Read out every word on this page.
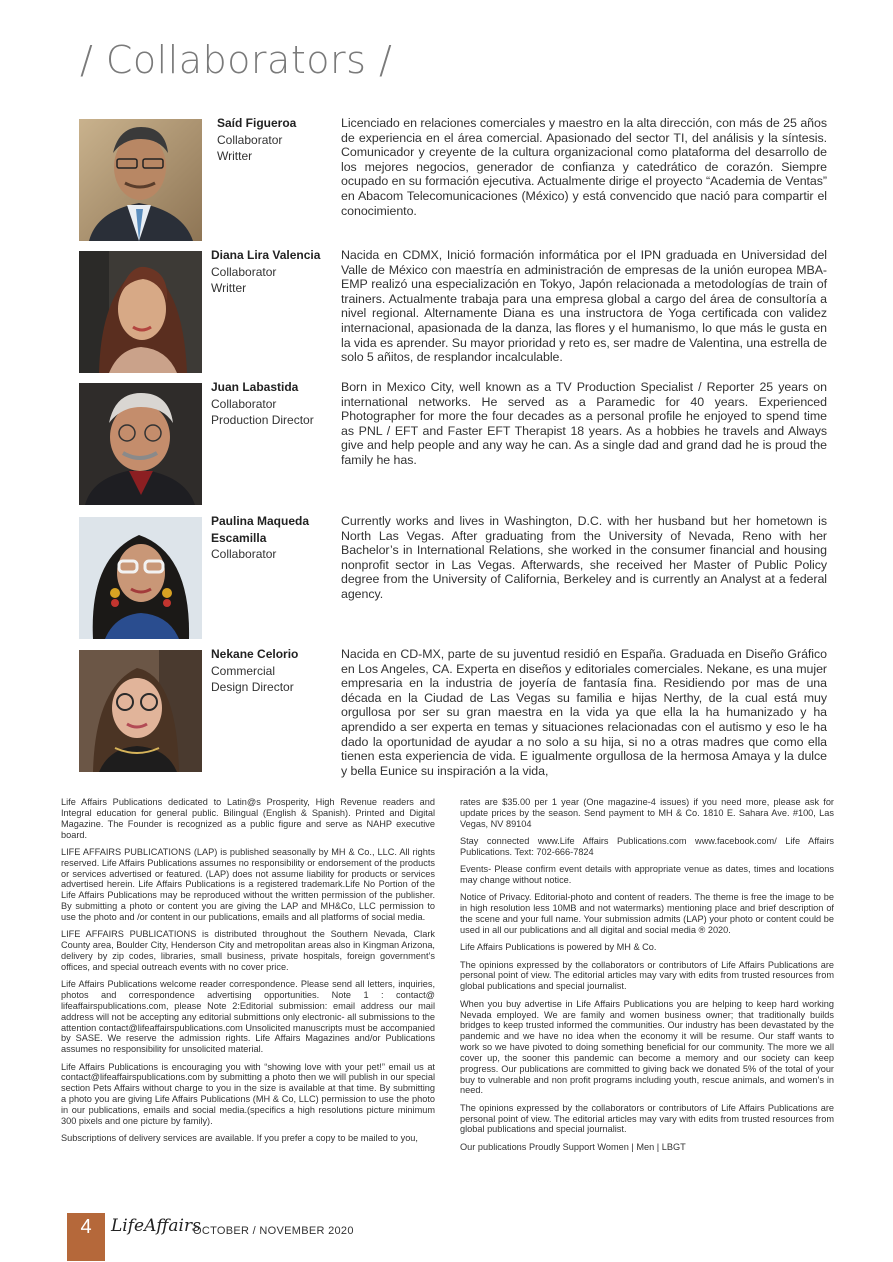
/ Collaborators /
Saíd Figueroa
Collaborator
Writter

Licenciado en relaciones comerciales y maestro en la alta dirección, con más de 25 años de experiencia en el área comercial. Apasionado del sector TI, del análisis y la síntesis. Comunicador y creyente de la cultura organizacional como plataforma del desarrollo de los mejores negocios, generador de confianza y catedrático de corazón. Siempre ocupado en su formación ejecutiva. Actualmente dirige el proyecto “Academia de Ventas” en Abacom Telecomunicaciones (México) y está convencido que nació para compartir el conocimiento.

Diana Lira Valencia
Collaborator
Writter

Nacida en CDMX, Inició formación informática por el IPN graduada en Universidad del Valle de México con maestría en administración de empresas de la unión europea MBA-EMP realizó una especialización en Tokyo, Japón relacionada a metodologías de train of trainers. Actualmente trabaja para una empresa global a cargo del área de consultoría a nivel regional. Alternamente Diana es una instructora de Yoga certificada con validez internacional, apasionada de la danza, las flores y el humanismo, lo que más le gusta en la vida es aprender. Su mayor prioridad y reto es, ser madre de Valentina, una estrella de solo 5 añitos, de resplandor incalculable.

Juan Labastida
Collaborator
Production Director

Born in Mexico City, well known as a TV Production Specialist / Reporter 25 years on international networks. He served as a Paramedic for 40 years. Experienced Photographer for more the four decades as a personal profile he enjoyed to spend time as PNL / EFT and Faster EFT Therapist 18 years. As a hobbies he travels and Always give and help people and any way he can. As a single dad and grand dad he is proud the family he has.

Paulina Maqueda Escamilla
Collaborator

Currently works and lives in Washington, D.C. with her husband but her hometown is North Las Vegas. After graduating from the University of Nevada, Reno with her Bachelor’s in International Relations, she worked in the consumer financial and housing nonprofit sector in Las Vegas. Afterwards, she received her Master of Public Policy degree from the University of California, Berkeley and is currently an Analyst at a federal agency.

Nekane Celorio
Commercial
Design Director

Nacida en CD-MX, parte de su juventud residió en España. Graduada en Diseño Gráfico en Los Angeles, CA. Experta en diseños y editoriales comerciales. Nekane, es una mujer empresaria en la industria de joyería de fantasía fina. Residiendo por mas de una década en la Ciudad de Las Vegas su familia e hijas Nerthy, de la cual está muy orgullosa por ser su gran maestra en la vida ya que ella la ha humanizado y ha aprendido a ser experta en temas y situaciones relacionadas con el autismo y eso le ha dado la oportunidad de ayudar a no solo a su hija, si no a otras madres que como ella tienen esta experiencia de vida. E igualmente orgullosa de la hermosa Amaya y la dulce y bella Eunice su inspiración a la vida,

Life Affairs Publications dedicated to Latin@s Prosperity, High Revenue readers and Integral education for general public. Bilingual (English & Spanish). Printed and Digital Magazine. The Founder is recognized as a public figure and serve as NAHP executive board.

LIFE AFFAIRS PUBLICATIONS (LAP) is published seasonally by MH & Co., LLC. All rights reserved. Life Affairs Publications assumes no responsibility or endorsement of the products or services advertised or featured. (LAP) does not assume liability for products or services advertised herein. Life Affairs Publications is a registered trademark.Life No Portion of the Life Affairs Publications may be reproduced without the written permission of the publisher. By submitting a photo or content you are giving the LAP and MH&Co, LLC permission to use the photo and /or content in our publications, emails and all platforms of social media.

LIFE AFFAIRS PUBLICATIONS is distributed throughout the Southern Nevada, Clark County area, Boulder City, Henderson City and metropolitan areas also in Kingman Arizona, delivery by zip codes, libraries, small business, private hospitals, foreign government’s offices, and special outreach events with no cover price.

Life Affairs Publications welcome reader correspondence. Please send all letters, inquiries, photos and correspondence advertising opportunities. Note 1 : contact@ lifeaffairspublications.com, please Note 2:Editorial submission: email address our mail address will not be accepting any editorial submittions only electronic- all submissions to the attention contact@lifeaffairspublications.com Unsolicited manuscripts must be accompanied by SASE. We reserve the admission rights. Life Affairs Magazines and/or Publications assumes no responsibility for unsolicited material.

Life Affairs Publications is encouraging you with “showing love with your pet!” email us at contact@lifeaffairspublications.com by submitting a photo then we will publish in our special section Pets Affairs without charge to you in the size is available at that time. By submitting a photo you are giving Life Affairs Publications (MH & Co, LLC) permission to use the photo in our publications, emails and social media.(specifics a high resolutions picture minimum 300 pixels and one picture by family).

Subscriptions of delivery services are available. If you prefer a copy to be mailed to you,

rates are $35.00 per 1 year (One magazine-4 issues) if you need more, please ask for update prices by the season. Send payment to MH & Co. 1810 E. Sahara Ave. #100, Las Vegas, NV 89104

Stay connected www.Life Affairs Publications.com www.facebook.com/ Life Affairs Publications. Text: 702-666-7824

Events- Please confirm event details with appropriate venue as dates, times and locations may change without notice.

Notice of Privacy. Editorial-photo and content of readers. The theme is free the image to be in high resolution less 10MB and not watermarks) mentioning place and brief description of the scene and your full name. Your submission admits (LAP) your photo or content could be used in all our publications and all digital and social media ® 2020.

Life Affairs Publications is powered by MH & Co.

The opinions expressed by the collaborators or contributors of Life Affairs Publications are personal point of view. The editorial articles may vary with edits from trusted resources from global publications and special journalist.

When you buy advertise in Life Affairs Publications you are helping to keep hard working Nevada employed. We are family and women business owner; that traditionally builds bridges to keep trusted informed the communities. Our industry has been devastated by the pandemic and we have no idea when the economy it will be resume. Our staff wants to work so we have pivoted to doing something beneficial for our community. The more we all cover up, the sooner this pandemic can become a memory and our society can keep progress. Our publications are committed to giving back we donated 5% of the total of your buy to vulnerable and non profit programs including youth, rescue animals, and women’s in need.

The opinions expressed by the collaborators or contributors of Life Affairs Publications are personal point of view. The editorial articles may vary with edits from trusted resources from global publications and special journalist.

Our publications Proudly Support Women | Men | LBGT

4	LifeAffairs
OCTOBER / NOVEMBER 2020
